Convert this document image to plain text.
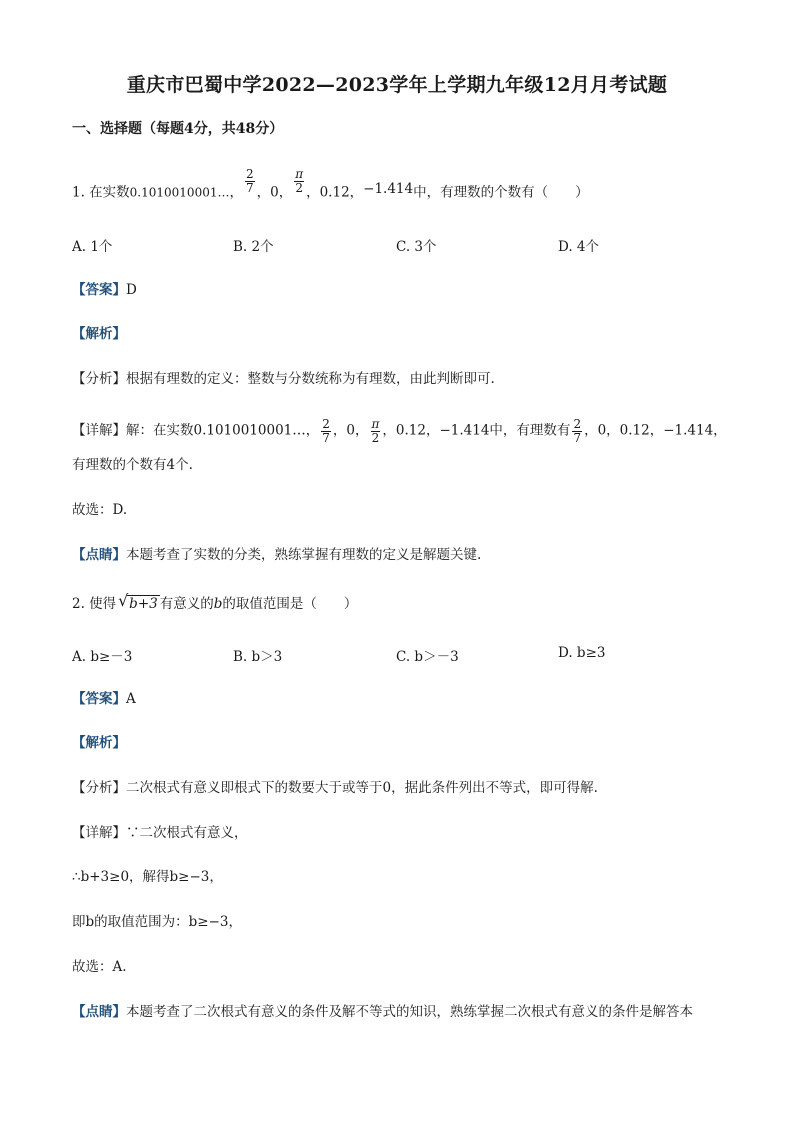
重庆市巴蜀中学2022—2023学年上学期九年级12月月考试题
一、选择题（每题4分，共48分）
1. 在实数0.1010010001…， $\frac{2}{7}$ ，0， $\frac{\pi}{2}$ ，0.12，−1.414中，有理数的个数有（　　）
A. 1个	B. 2个	C. 3个	D. 4个
【答案】D
【解析】
【分析】根据有理数的定义：整数与分数统称为有理数，由此判断即可.
【详解】解：在实数0.1010010001…， $\frac{2}{7}$ ，0， $\frac{\pi}{2}$ ，0.12，−1.414中，有理数有 $\frac{2}{7}$ ，0，0.12，−1.414，
有理数的个数有4个.
故选：D.
【点睛】本题考查了实数的分类，熟练掌握有理数的定义是解题关键.
2. 使得 √ b+3 有意义的b的取值范围是（　　）
A. b≥－3	B. b＞3	C. b＞－3	D. b≥3
【答案】A
【解析】
【分析】二次根式有意义即根式下的数要大于或等于0，据此条件列出不等式，即可得解.
【详解】∵二次根式有意义，
∴b+3≥0，解得b≥−3，
即b的取值范围为：b≥−3，
故选：A.
【点睛】本题考查了二次根式有意义的条件及解不等式的知识，熟练掌握二次根式有意义的条件是解答本
